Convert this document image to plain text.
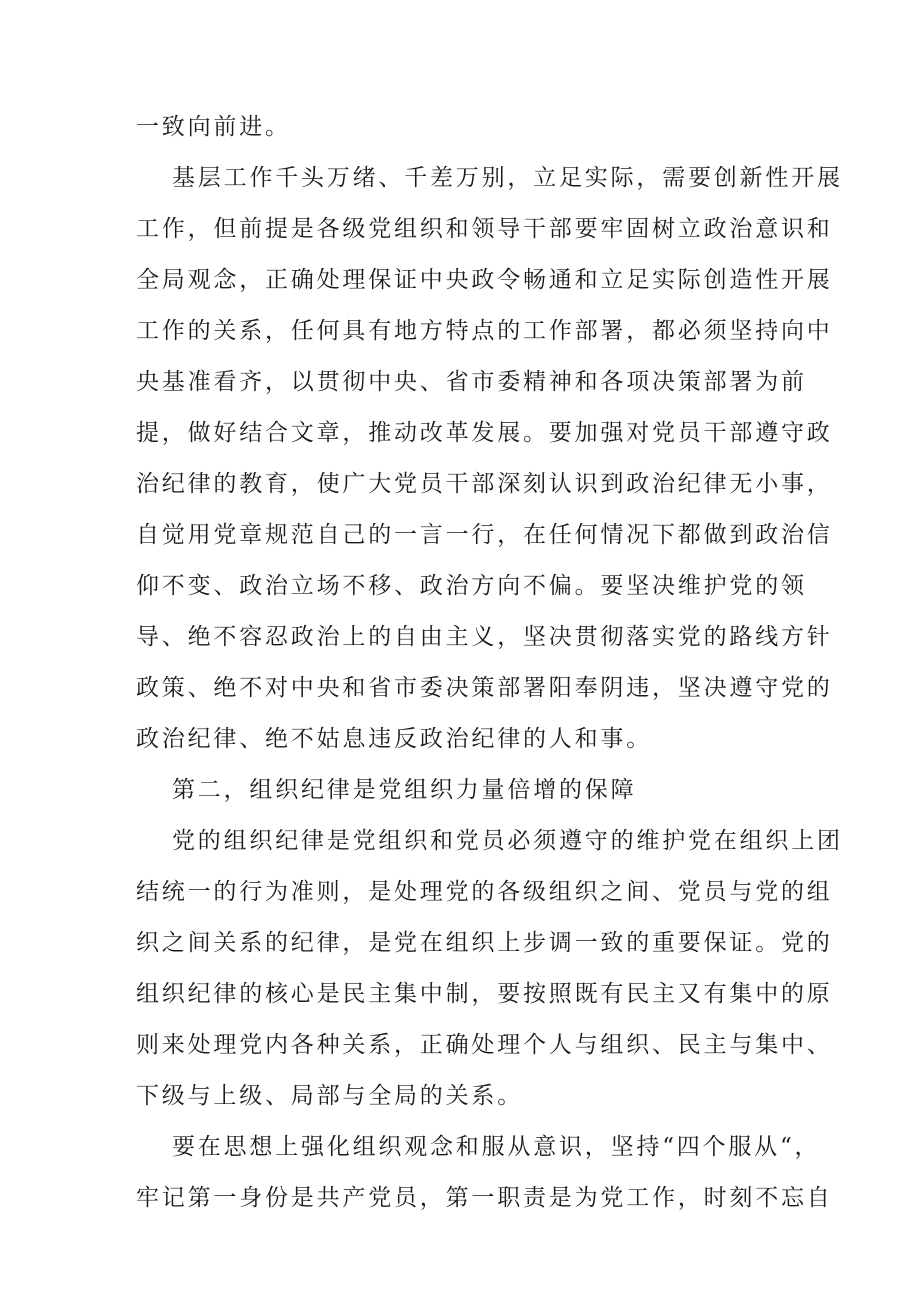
一致向前进。

基层工作千头万绪、千差万别，立足实际，需要创新性开展

工作，但前提是各级党组织和领导干部要牢固树立政治意识和

全局观念，正确处理保证中央政令畅通和立足实际创造性开展

工作的关系，任何具有地方特点的工作部署，都必须坚持向中

央基准看齐，以贯彻中央、省市委精神和各项决策部署为前

提，做好结合文章，推动改革发展。要加强对党员干部遵守政

治纪律的教育，使广大党员干部深刻认识到政治纪律无小事，

自觉用党章规范自己的一言一行，在任何情况下都做到政治信

仰不变、政治立场不移、政治方向不偏。要坚决维护党的领

导、绝不容忍政治上的自由主义，坚决贯彻落实党的路线方针

政策、绝不对中央和省市委决策部署阳奉阴违，坚决遵守党的

政治纪律、绝不姑息违反政治纪律的人和事。

第二，组织纪律是党组织力量倍增的保障

党的组织纪律是党组织和党员必须遵守的维护党在组织上团

结统一的行为准则，是处理党的各级组织之间、党员与党的组

织之间关系的纪律，是党在组织上步调一致的重要保证。党的

组织纪律的核心是民主集中制，要按照既有民主又有集中的原

则来处理党内各种关系，正确处理个人与组织、民主与集中、

下级与上级、局部与全局的关系。

要在思想上强化组织观念和服从意识，坚持“四个服从“，

牢记第一身份是共产党员，第一职责是为党工作，时刻不忘自
